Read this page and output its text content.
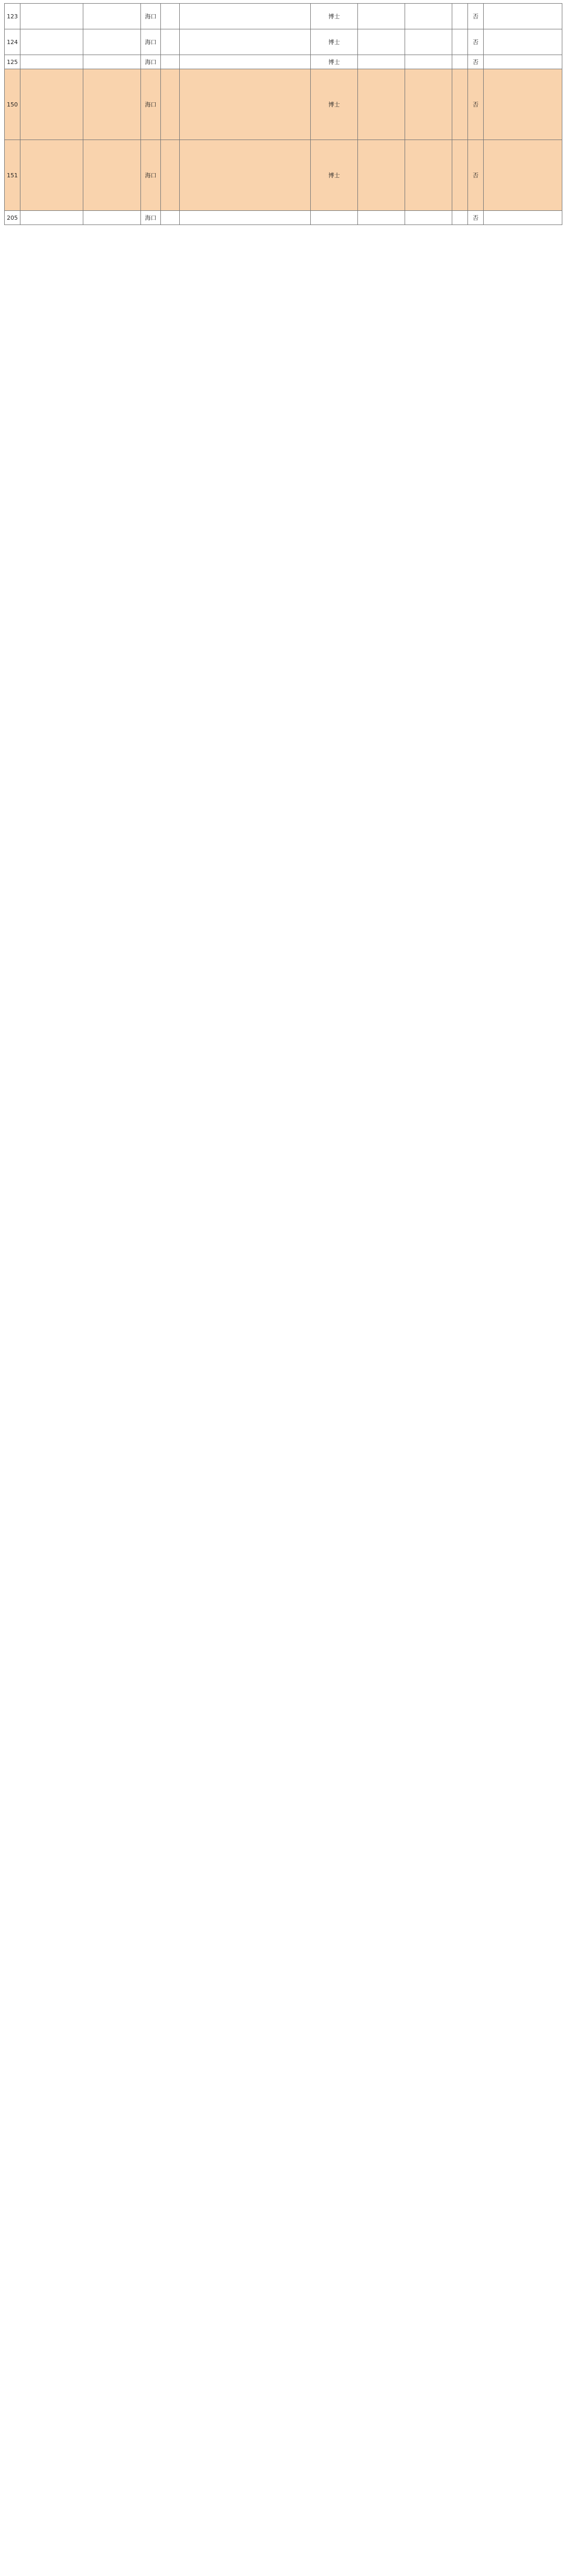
123			海口			博士				否	
124			海口			博士				否	
125			海口			博士				否	
150			海口			博士				否	
151			海口			博士				否	
205			海口							否	
